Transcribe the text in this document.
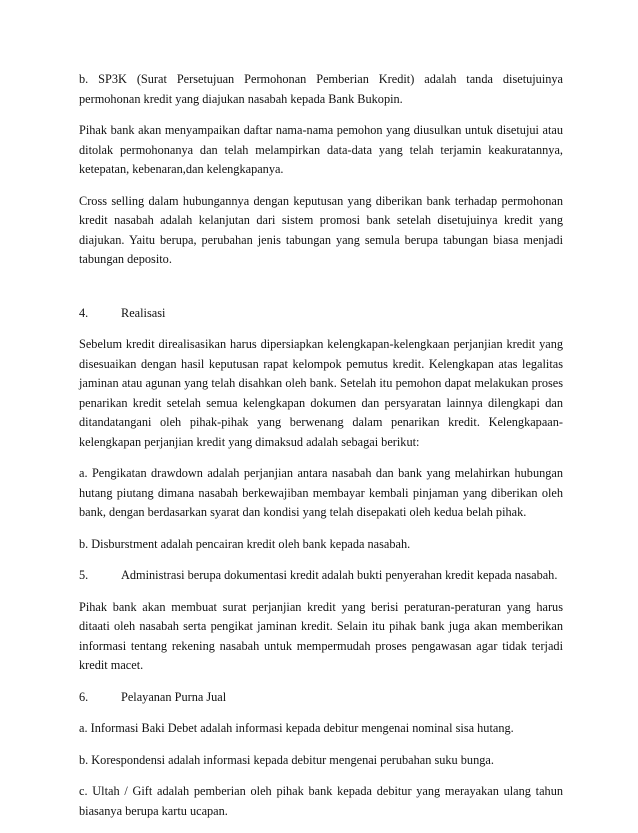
b. SP3K (Surat Persetujuan Permohonan Pemberian Kredit) adalah tanda disetujuinya permohonan kredit yang diajukan nasabah kepada Bank Bukopin.

Pihak bank akan menyampaikan daftar nama-nama pemohon yang diusulkan untuk disetujui atau ditolak permohonanya dan telah melampirkan data-data yang telah terjamin keakuratannya, ketepatan, kebenaran,dan kelengkapanya.

Cross selling dalam hubungannya dengan keputusan yang diberikan bank terhadap permohonan kredit nasabah adalah kelanjutan dari sistem promosi bank setelah disetujuinya kredit yang diajukan. Yaitu berupa, perubahan jenis tabungan yang semula berupa tabungan biasa menjadi tabungan deposito.

4.	Realisasi

Sebelum kredit direalisasikan harus dipersiapkan kelengkapan-kelengkaan perjanjian kredit yang disesuaikan dengan hasil keputusan rapat kelompok pemutus kredit. Kelengkapan atas legalitas jaminan atau agunan yang telah disahkan oleh bank. Setelah itu pemohon dapat melakukan proses penarikan kredit setelah semua kelengkapan dokumen dan persyaratan lainnya dilengkapi dan ditandatangani oleh pihak-pihak yang berwenang dalam penarikan kredit. Kelengkapaan-kelengkapan perjanjian kredit yang dimaksud adalah sebagai berikut:

a. Pengikatan drawdown adalah perjanjian antara nasabah dan bank yang melahirkan hubungan hutang piutang dimana nasabah berkewajiban membayar kembali pinjaman yang diberikan oleh bank, dengan berdasarkan syarat dan kondisi yang telah disepakati oleh kedua belah pihak.

b. Disburstment adalah pencairan kredit oleh bank kepada nasabah.

5.	Administrasi berupa dokumentasi kredit adalah bukti penyerahan kredit kepada nasabah.

Pihak bank akan membuat surat perjanjian kredit yang berisi peraturan-peraturan yang harus ditaati oleh nasabah serta pengikat jaminan kredit. Selain itu pihak bank juga akan memberikan informasi tentang rekening nasabah untuk mempermudah proses pengawasan agar tidak terjadi kredit macet.

6.	Pelayanan Purna Jual

a. Informasi Baki Debet adalah informasi kepada debitur mengenai nominal sisa hutang.

b. Korespondensi adalah informasi kepada debitur mengenai perubahan suku bunga.

c. Ultah / Gift adalah pemberian oleh pihak bank kepada debitur yang merayakan ulang tahun biasanya berupa kartu ucapan.
